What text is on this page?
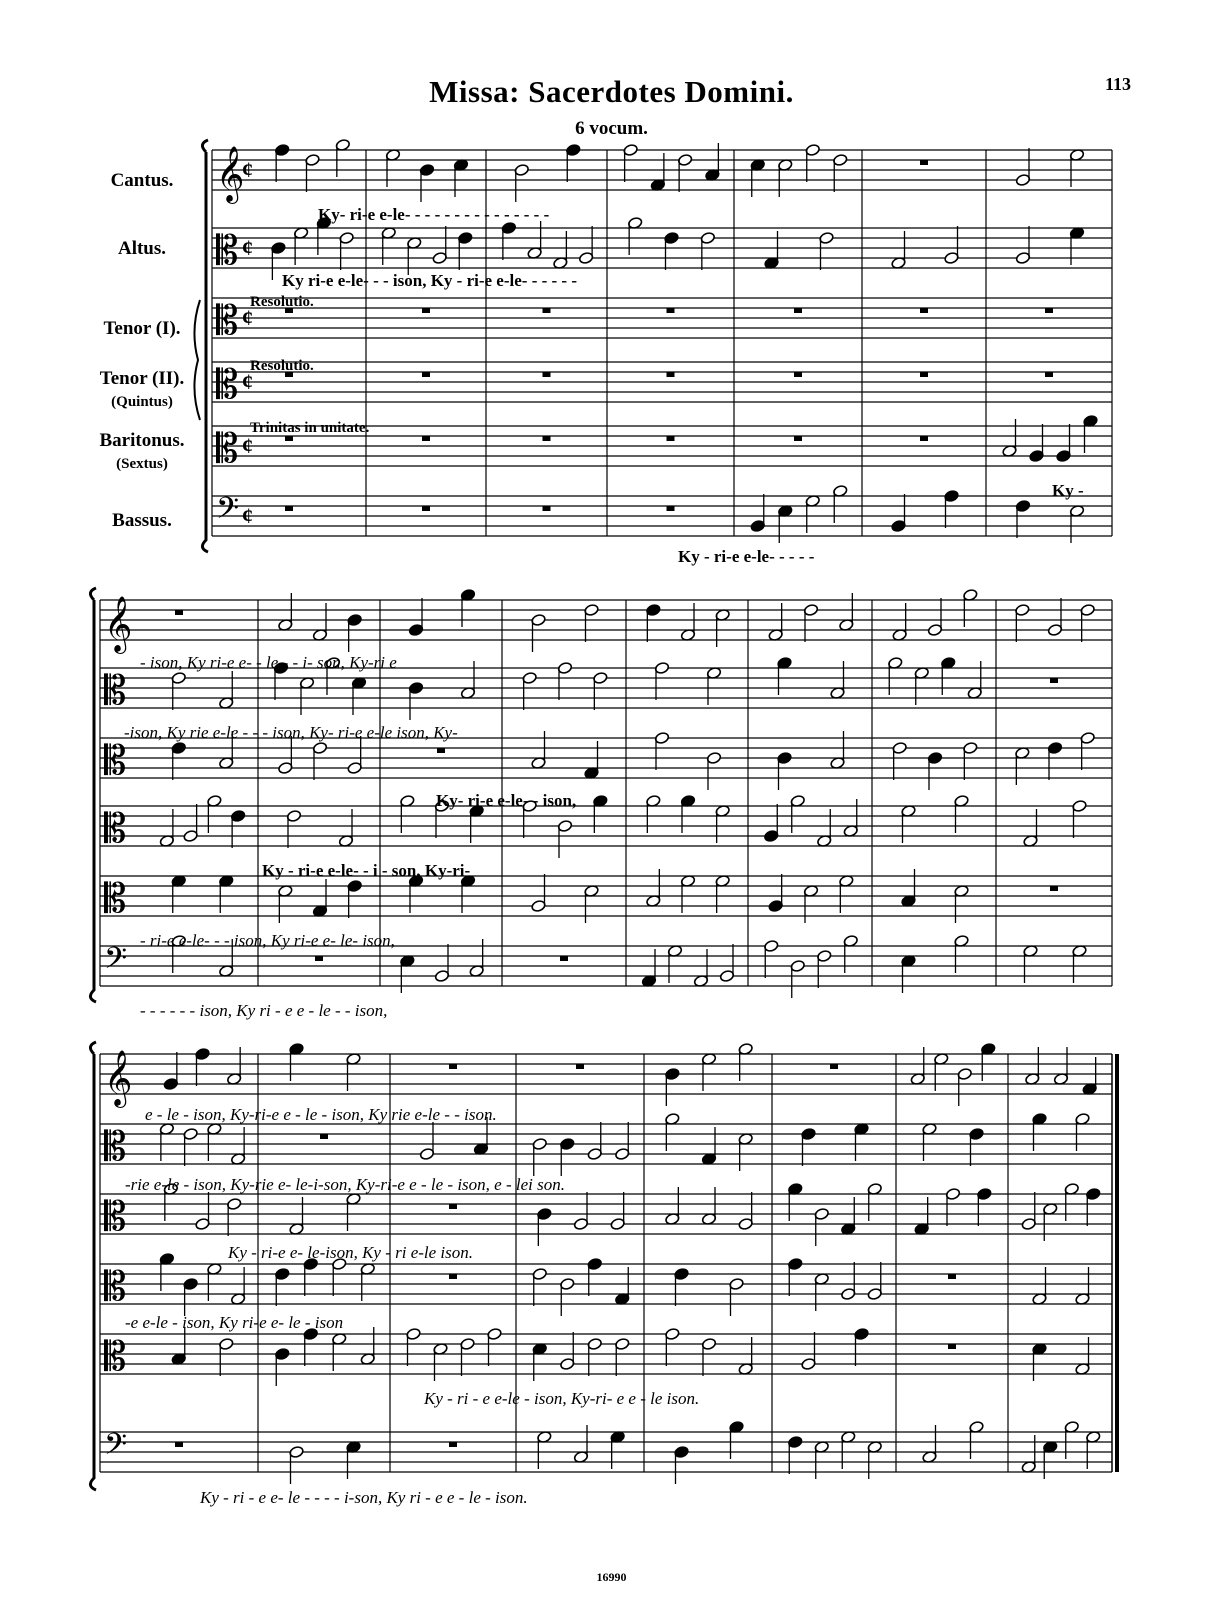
Missa: Sacerdotes Domini.
6 vocum.
113
Cantus.
Altus.
Tenor (I).
Tenor (II).
(Quintus)
Baritonus.
(Sextus)
Bassus.
𝄞
¢
𝄡 ¢
𝄡 ¢
𝄡 ¢
𝄡 ¢
𝄢 ¢
𝄞
𝄡
𝄡
𝄡
𝄡
𝄢
𝄞
𝄡
𝄡
𝄡
𝄡
𝄢
Resolutio.
Resolutio.
Trinitas in unitate.
Ky- ri-e e-le- - - - - - - - - - - - - - -
Ky ri-e e-le- - - ison, Ky - ri-e e-le- - - - - -
Ky -
Ky - ri-e e-le- - - - -
- ison, Ky ri-e e- - le - - i- son, Ky-ri e
-ison, Ky rie e-le - - - ison, Ky- ri-e e-le ison, Ky-
Ky- ri-e e-le- - ison,
Ky - ri-e e-le- - i - son, Ky-ri-
- ri-e e-le- - - ison, Ky ri-e e- le- ison,
- - - - - - ison, Ky ri - e e - le - - ison,
e - le - ison, Ky-ri-e e - le - ison, Ky rie e-le - - ison.
-rie e-le - ison, Ky-rie e- le-i-son, Ky-ri-e e - le - ison, e - lei son.
Ky - ri-e e- le-ison, Ky - ri e-le ison.
-e e-le - ison, Ky ri-e e- le - ison
Ky - ri - e e-le - ison, Ky-ri- e e - le ison.
Ky - ri - e e- le - - - - i-son, Ky ri - e e - le - ison.
16990
